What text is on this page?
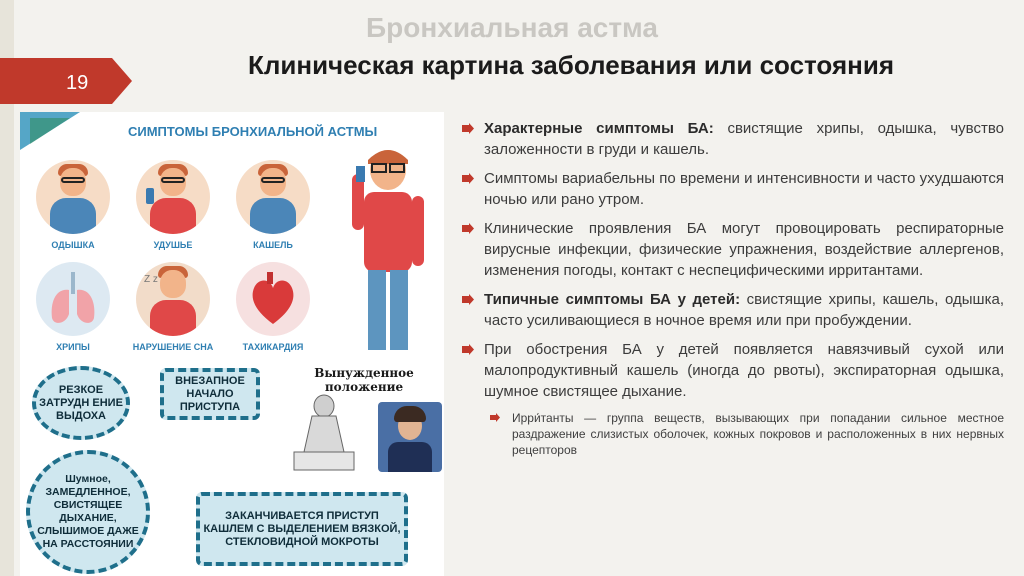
Бронхиальная астма
Клиническая картина заболевания или состояния
19
СИМПТОМЫ БРОНХИАЛЬНОЙ АСТМЫ
ОДЫШКА	УДУШЬЕ	КАШЕЛЬ
ХРИПЫ
Z z
НАРУШЕНИЕ СНА	ТАХИКАРДИЯ
РЕЗКОЕ ЗАТРУДН ЕНИЕ ВЫДОХА
ВНЕЗАПНОЕ НАЧАЛО ПРИСТУПА
Вынужденное положение
Шумное, ЗАМЕДЛЕННОЕ, СВИСТЯЩЕЕ ДЫХАНИЕ, СЛЫШИМОЕ ДАЖЕ НА РАССТОЯНИИ
ЗАКАНЧИВАЕТСЯ ПРИСТУП КАШЛЕМ С ВЫДЕЛЕНИЕМ ВЯЗКОЙ, СТЕКЛОВИДНОЙ МОКРОТЫ
Характерные симптомы БА: свистящие хрипы, одышка, чувство заложенности в груди и кашель.
Симптомы вариабельны по времени и интенсивности и часто ухудшаются ночью или рано утром.
Клинические проявления БА могут провоцировать респираторные вирусные инфекции, физические упражнения, воздействие аллергенов, изменения погоды, контакт с неспецифическими ирритантами.
Типичные симптомы БА у детей: свистящие хрипы, кашель, одышка, часто усиливающиеся в ночное время или при пробуждении.
При обострения БА у детей появляется навязчивый сухой или малопродуктивный кашель (иногда до рвоты), экспираторная одышка, шумное свистящее дыхание.
Ирри́танты — группа веществ, вызывающих при попадании сильное местное раздражение слизистых оболочек, кожных покровов и расположенных в них нервных рецепторов
